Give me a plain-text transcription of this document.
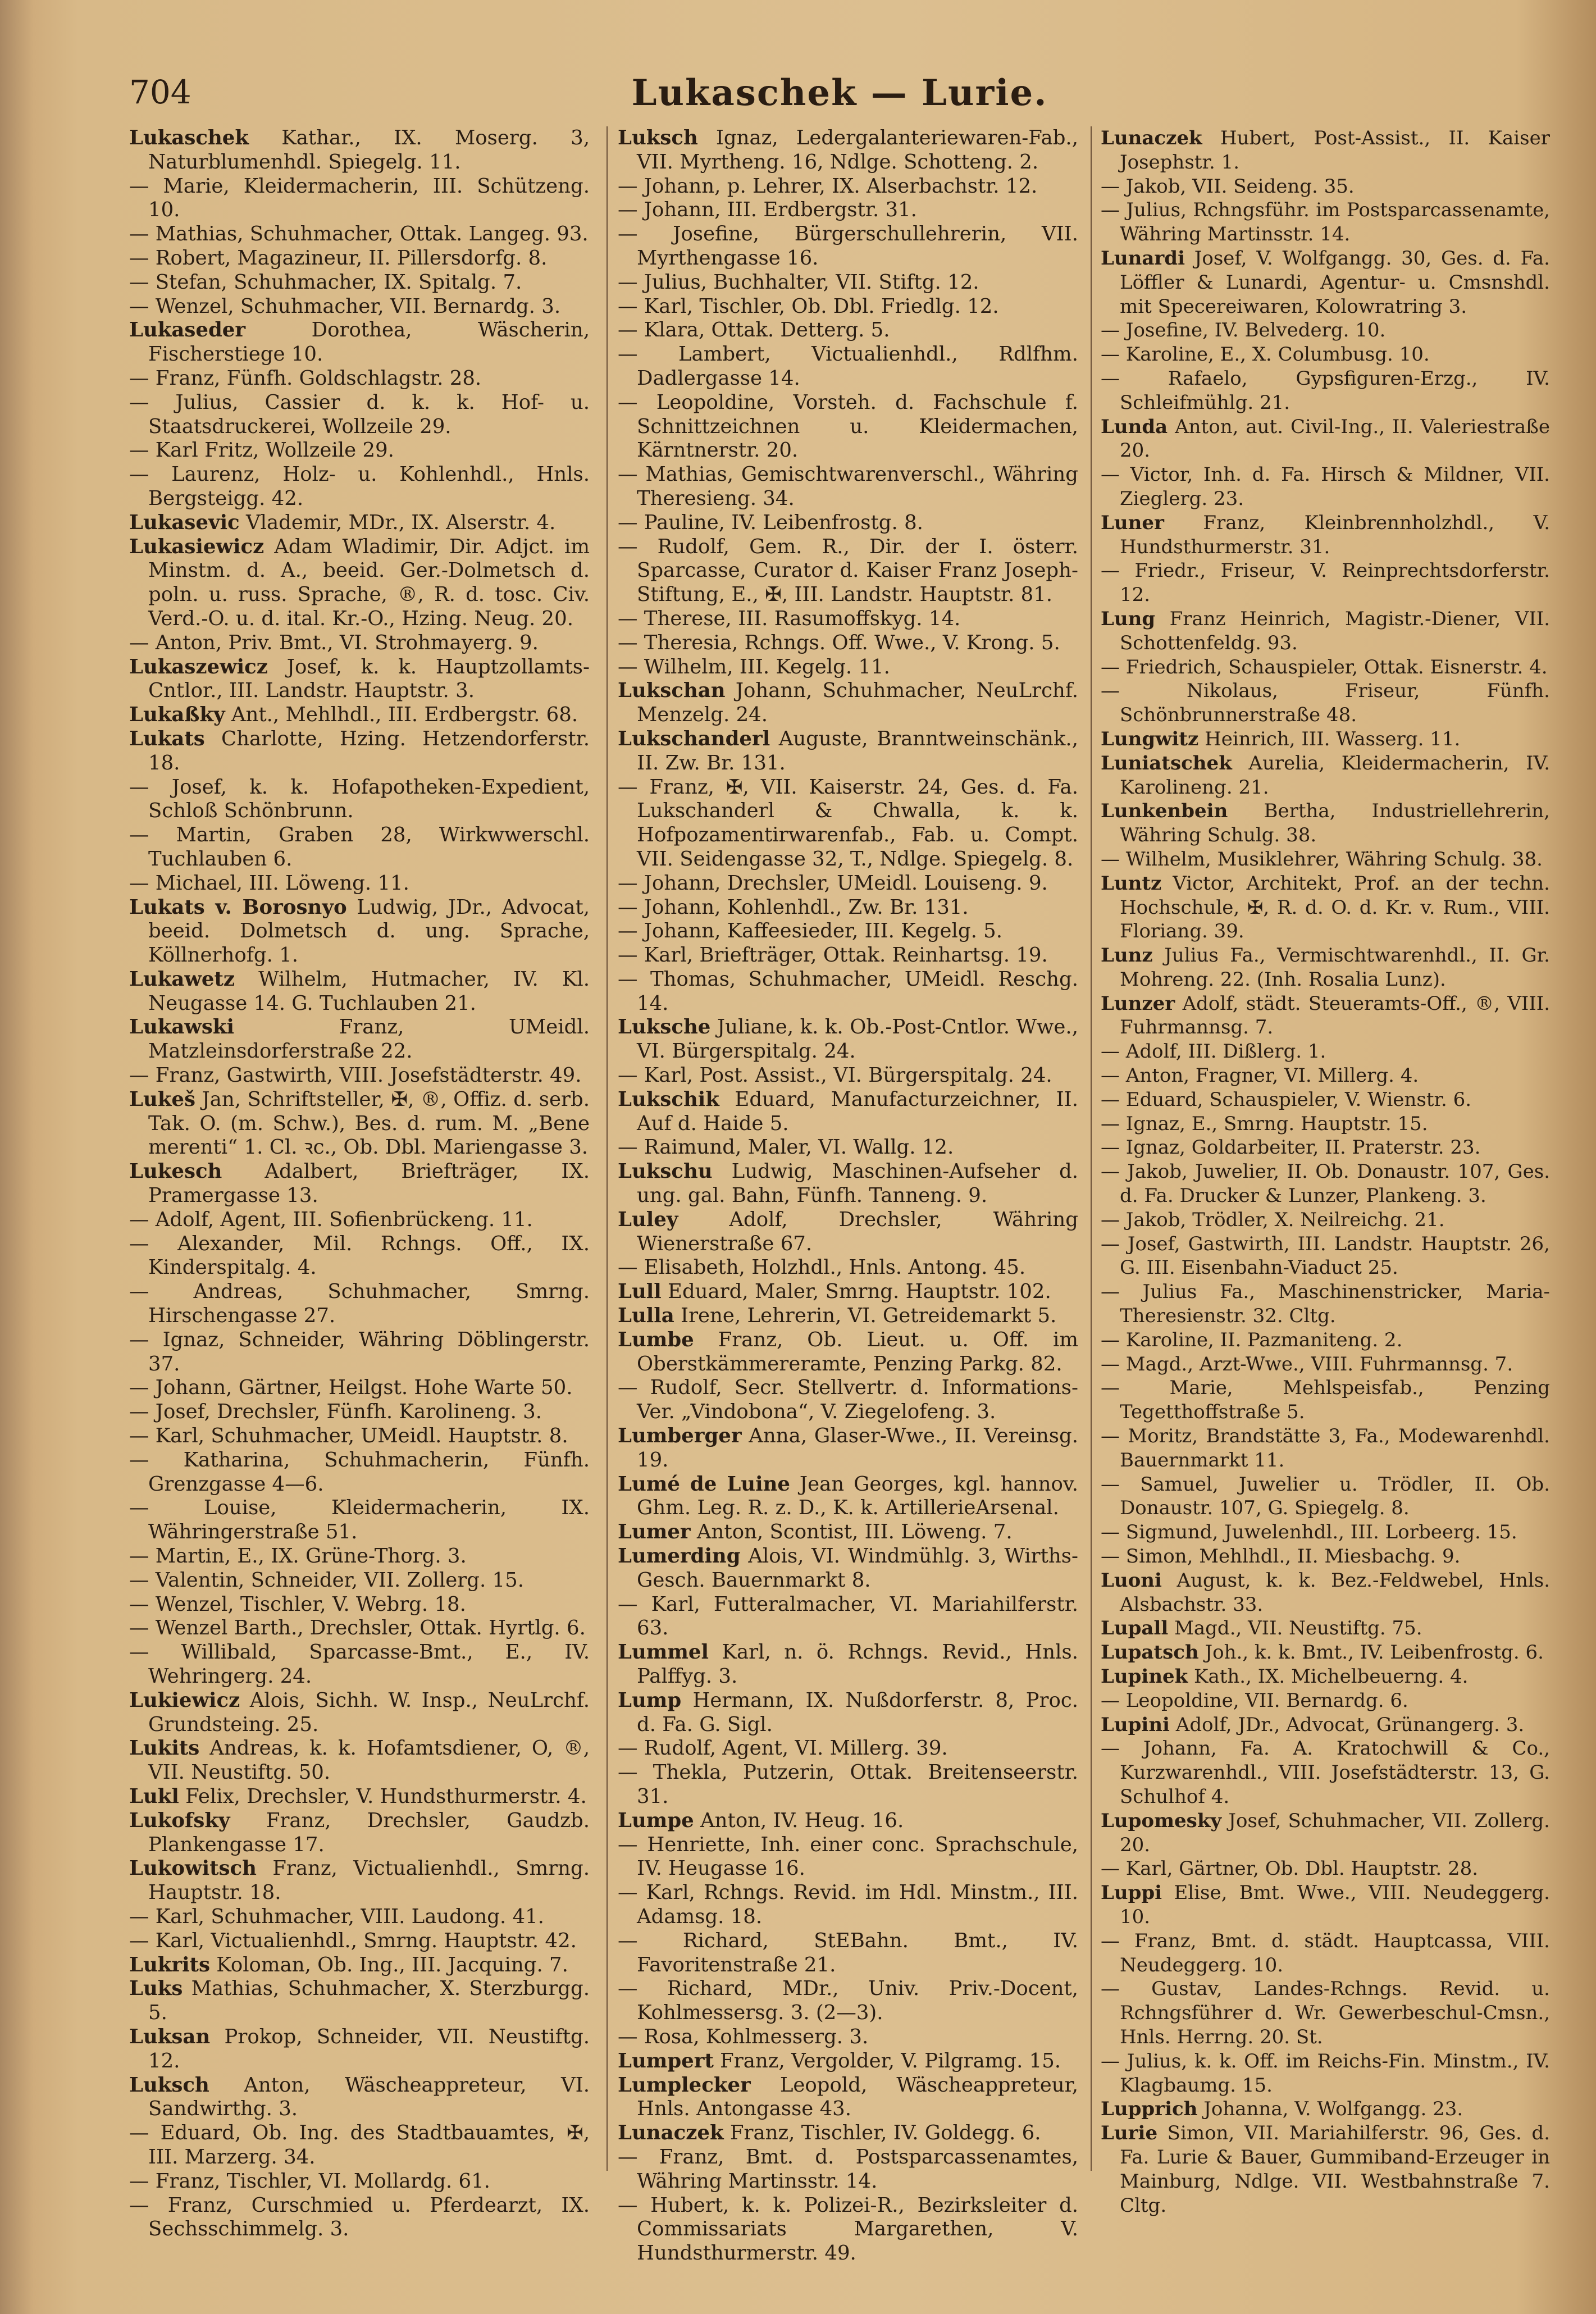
704	Lukaschek — Lurie.

Lukaschek Kathar., IX. Moserg. 3, Naturblumenhdl. Spiegelg. 11.

— Marie, Kleidermacherin, III. Schützeng. 10.

— Mathias, Schuhmacher, Ottak. Langeg. 93.

— Robert, Magazineur, II. Pillersdorfg. 8.

— Stefan, Schuhmacher, IX. Spitalg. 7.

— Wenzel, Schuhmacher, VII. Bernardg. 3.

Lukaseder	Dorothea, Wäscherin, Fischerstiege 10.

— Franz, Fünfh. Goldschlagstr. 28.

— Julius, Cassier d. k. k. Hof- u. Staatsdruckerei, Wollzeile 29.

— Karl Fritz, Wollzeile 29.

— Laurenz, Holz- u. Kohlenhdl., Hnls. Bergsteigg. 42.

Lukasevic Vlademir, MDr., IX. Alserstr. 4.

Lukasiewicz Adam Wladimir, Dir. Adjct. im Minstm. d. A., beeid. Ger.-Dolmetsch d. poln. u. russ. Sprache, ®, R. d. tosc. Civ. Verd.-O. u. d. ital. Kr.-O., Hzing. Neug. 20.

— Anton, Priv. Bmt., VI. Strohmayerg. 9.

Lukaszewicz Josef, k. k. Hauptzollamts-Cntlor., III. Landstr. Hauptstr. 3.

Lukaßky Ant., Mehlhdl., III. Erdbergstr. 68.

Lukats Charlotte, Hzing. Hetzendorferstr. 18.

— Josef, k. k. Hofapotheken-Expedient, Schloß Schönbrunn.

— Martin, Graben 28, Wirkwwerschl. Tuchlauben 6.

— Michael, III. Löweng. 11.

Lukats v. Borosnyo Ludwig, JDr., Advocat, beeid. Dolmetsch d. ung. Sprache, Köllnerhofg. 1.

Lukawetz Wilhelm, Hutmacher, IV. Kl. Neugasse 14. G. Tuchlauben 21.

Lukawski	Franz, UMeidl. Matzleinsdorferstraße 22.

— Franz, Gastwirth, VIII. Josefstädterstr. 49.

Lukeš Jan, Schriftsteller, ✠, ®, Offiz. d. serb. Tak. O. (m. Schw.), Bes. d. rum. M. „Bene merenti“ 1. Cl. ꝛc., Ob. Dbl. Mariengasse 3.

Lukesch Adalbert, Briefträger, IX. Pramergasse 13.

— Adolf, Agent, III. Sofienbrückeng. 11.

— Alexander, Mil. Rchngs. Off., IX. Kinderspitalg. 4.

— Andreas, Schuhmacher, Smrng. Hirschengasse 27.

— Ignaz, Schneider, Währing Döblingerstr. 37.

— Johann, Gärtner, Heilgst. Hohe Warte 50.

— Josef, Drechsler, Fünfh. Karolineng. 3.

— Karl, Schuhmacher, UMeidl. Hauptstr. 8.

— Katharina, Schuhmacherin, Fünfh. Grenzgasse 4—6.

— Louise, Kleidermacherin, IX. Währingerstraße 51.

— Martin, E., IX. Grüne-Thorg. 3.

— Valentin, Schneider, VII. Zollerg. 15.

— Wenzel, Tischler, V. Webrg. 18.

— Wenzel Barth., Drechsler, Ottak. Hyrtlg. 6.

— Willibald, Sparcasse-Bmt., E., IV. Wehringerg. 24.

Lukiewicz Alois, Sichh. W. Insp., NeuLrchf. Grundsteing. 25.

Lukits Andreas, k. k. Hofamtsdiener, O, ®, VII. Neustiftg. 50.

Lukl Felix, Drechsler, V. Hundsthurmerstr. 4.

Lukofsky Franz, Drechsler, Gaudzb. Plankengasse 17.

Lukowitsch Franz, Victualienhdl., Smrng. Hauptstr. 18.

— Karl, Schuhmacher, VIII. Laudong. 41.

— Karl, Victualienhdl., Smrng. Hauptstr. 42.

Lukrits Koloman, Ob. Ing., III. Jacquing. 7.

Luks Mathias, Schuhmacher, X. Sterzburgg. 5.

Luksan Prokop, Schneider, VII. Neustiftg. 12.

Luksch Anton, Wäscheappreteur, VI. Sandwirthg. 3.

— Eduard, Ob. Ing. des Stadtbauamtes, ✠, III. Marzerg. 34.

— Franz, Tischler, VI. Mollardg. 61.

— Franz, Curschmied u. Pferdearzt, IX. Sechsschimmelg. 3.

Luksch Ignaz, Ledergalanteriewaren-Fab., VII. Myrtheng. 16, Ndlge. Schotteng. 2.

— Johann, p. Lehrer, IX. Alserbachstr. 12.

— Johann, III. Erdbergstr. 31.

— Josefine, Bürgerschullehrerin, VII. Myrthengasse 16.

— Julius, Buchhalter, VII. Stiftg. 12.

— Karl, Tischler, Ob. Dbl. Friedlg. 12.

— Klara, Ottak. Detterg. 5.

— Lambert, Victualienhdl., Rdlfhm. Dadlergasse 14.

— Leopoldine, Vorsteh. d. Fachschule f. Schnittzeichnen u. Kleidermachen, Kärntnerstr. 20.

— Mathias, Gemischtwarenverschl., Währing Theresieng. 34.

— Pauline, IV. Leibenfrostg. 8.

— Rudolf, Gem. R., Dir. der I. österr. Sparcasse, Curator d. Kaiser Franz Joseph-Stiftung, E., ✠, III. Landstr. Hauptstr. 81.

— Therese, III. Rasumoffskyg. 14.

— Theresia, Rchngs. Off. Wwe., V. Krong. 5.

— Wilhelm, III. Kegelg. 11.

Lukschan Johann, Schuhmacher, NeuLrchf. Menzelg. 24.

Lukschanderl Auguste, Branntweinschänk., II. Zw. Br. 131.

— Franz, ✠, VII. Kaiserstr. 24, Ges. d. Fa. Lukschanderl & Chwalla, k. k. Hofpozamentirwarenfab., Fab. u. Compt. VII. Seidengasse 32, T., Ndlge. Spiegelg. 8.

— Johann, Drechsler, UMeidl. Louiseng. 9.

— Johann, Kohlenhdl., Zw. Br. 131.

— Johann, Kaffeesieder, III. Kegelg. 5.

— Karl, Briefträger, Ottak. Reinhartsg. 19.

— Thomas, Schuhmacher, UMeidl. Reschg. 14.

Luksche Juliane, k. k. Ob.-Post-Cntlor. Wwe., VI. Bürgerspitalg. 24.

— Karl, Post. Assist., VI. Bürgerspitalg. 24.

Lukschik Eduard, Manufacturzeichner, II. Auf d. Haide 5.

— Raimund, Maler, VI. Wallg. 12.

Lukschu Ludwig, Maschinen-Aufseher d. ung. gal. Bahn, Fünfh. Tanneng. 9.

Luley	Adolf, Drechsler, Währing Wienerstraße 67.

— Elisabeth, Holzhdl., Hnls. Antong. 45.

Lull Eduard, Maler, Smrng. Hauptstr. 102.

Lulla Irene, Lehrerin, VI. Getreidemarkt 5.

Lumbe Franz, Ob. Lieut. u. Off. im Oberstkämmereramte, Penzing Parkg. 82.

— Rudolf, Secr. Stellvertr. d. Informations-Ver. „Vindobona“, V. Ziegelofeng. 3.

Lumberger Anna, Glaser-Wwe., II. Vereinsg. 19.

Lumé de Luine Jean Georges, kgl. hannov. Ghm. Leg. R. z. D., K. k. ArtillerieArsenal.

Lumer Anton, Scontist, III. Löweng. 7.

Lumerding Alois, VI. Windmühlg. 3, Wirths-Gesch. Bauernmarkt 8.

— Karl, Futteralmacher, VI. Mariahilferstr. 63.

Lummel Karl, n. ö. Rchngs. Revid., Hnls. Palffyg. 3.

Lump Hermann, IX. Nußdorferstr. 8, Proc. d. Fa. G. Sigl.

— Rudolf, Agent, VI. Millerg. 39.

— Thekla, Putzerin, Ottak. Breitenseerstr. 31.

Lumpe Anton, IV. Heug. 16.

— Henriette, Inh. einer conc. Sprachschule, IV. Heugasse 16.

— Karl, Rchngs. Revid. im Hdl. Minstm., III. Adamsg. 18.

— Richard, StEBahn. Bmt., IV. Favoritenstraße 21.

— Richard, MDr., Univ. Priv.-Docent, Kohlmessersg. 3. (2—3).

— Rosa, Kohlmesserg. 3.

Lumpert Franz, Vergolder, V. Pilgramg. 15.

Lumplecker Leopold, Wäscheappreteur, Hnls. Antongasse 43.

Lunaczek Franz, Tischler, IV. Goldegg. 6.

— Franz, Bmt. d. Postsparcassenamtes, Währing Martinsstr. 14.

— Hubert, k. k. Polizei-R., Bezirksleiter d. Commissariats Margarethen, V. Hundsthurmerstr. 49.

Lunaczek Hubert, Post-Assist., II. Kaiser Josephstr. 1.

— Jakob, VII. Seideng. 35.

— Julius, Rchngsführ. im Postsparcassenamte, Währing Martinsstr. 14.

Lunardi Josef, V. Wolfgangg. 30, Ges. d. Fa. Löffler & Lunardi, Agentur- u. Cmsnshdl. mit Specereiwaren, Kolowratring 3.

— Josefine, IV. Belvederg. 10.

— Karoline, E., X. Columbusg. 10.

— Rafaelo, Gypsfiguren-Erzg., IV. Schleifmühlg. 21.

Lunda Anton, aut. Civil-Ing., II. Valeriestraße 20.

— Victor, Inh. d. Fa. Hirsch & Mildner, VII. Zieglerg. 23.

Luner Franz, Kleinbrennholzhdl., V. Hundsthurmerstr. 31.

— Friedr., Friseur, V. Reinprechtsdorferstr. 12.

Lung Franz Heinrich, Magistr.-Diener, VII. Schottenfeldg. 93.

— Friedrich, Schauspieler, Ottak. Eisnerstr. 4.

— Nikolaus, Friseur, Fünfh. Schönbrunnerstraße 48.

Lungwitz Heinrich, III. Wasserg. 11.

Luniatschek Aurelia, Kleidermacherin, IV. Karolineng. 21.

Lunkenbein Bertha, Industriellehrerin, Währing Schulg. 38.

— Wilhelm, Musiklehrer, Währing Schulg. 38.

Luntz Victor, Architekt, Prof. an der techn. Hochschule, ✠, R. d. O. d. Kr. v. Rum., VIII. Floriang. 39.

Lunz Julius Fa., Vermischtwarenhdl., II. Gr. Mohreng. 22. (Inh. Rosalia Lunz).

Lunzer Adolf, städt. Steueramts-Off., ®, VIII. Fuhrmannsg. 7.

— Adolf, III. Dißlerg. 1.

— Anton, Fragner, VI. Millerg. 4.

— Eduard, Schauspieler, V. Wienstr. 6.

— Ignaz, E., Smrng. Hauptstr. 15.

— Ignaz, Goldarbeiter, II. Praterstr. 23.

— Jakob, Juwelier, II. Ob. Donaustr. 107, Ges. d. Fa. Drucker & Lunzer, Plankeng. 3.

— Jakob, Trödler, X. Neilreichg. 21.

— Josef, Gastwirth, III. Landstr. Hauptstr. 26, G. III. Eisenbahn-Viaduct 25.

— Julius Fa., Maschinenstricker, Maria-Theresienstr. 32. Cltg.

— Karoline, II. Pazmaniteng. 2.

— Magd., Arzt-Wwe., VIII. Fuhrmannsg. 7.

— Marie, Mehlspeisfab., Penzing Tegetthoffstraße 5.

— Moritz, Brandstätte 3, Fa., Modewarenhdl. Bauernmarkt 11.

— Samuel, Juwelier u. Trödler, II. Ob. Donaustr. 107, G. Spiegelg. 8.

— Sigmund, Juwelenhdl., III. Lorbeerg. 15.

— Simon, Mehlhdl., II. Miesbachg. 9.

Luoni August, k. k. Bez.-Feldwebel, Hnls. Alsbachstr. 33.

Lupall Magd., VII. Neustiftg. 75.

Lupatsch Joh., k. k. Bmt., IV. Leibenfrostg. 6.

Lupinek Kath., IX. Michelbeuerng. 4.

— Leopoldine, VII. Bernardg. 6.

Lupini Adolf, JDr., Advocat, Grünangerg. 3.

— Johann, Fa. A. Kratochwill & Co., Kurzwarenhdl., VIII. Josefstädterstr. 13, G. Schulhof 4.

Lupomesky Josef, Schuhmacher, VII. Zollerg. 20.

— Karl, Gärtner, Ob. Dbl. Hauptstr. 28.

Luppi Elise, Bmt. Wwe., VIII. Neudeggerg. 10.

— Franz, Bmt. d. städt. Hauptcassa, VIII. Neudeggerg. 10.

— Gustav, Landes-Rchngs. Revid. u. Rchngsführer d. Wr. Gewerbeschul-Cmsn., Hnls. Herrng. 20. St.

— Julius, k. k. Off. im Reichs-Fin. Minstm., IV. Klagbaumg. 15.

Lupprich Johanna, V. Wolfgangg. 23.

Lurie Simon, VII. Mariahilferstr. 96, Ges. d. Fa. Lurie & Bauer, Gummiband-Erzeuger in Mainburg, Ndlge. VII. Westbahnstraße 7. Cltg.
